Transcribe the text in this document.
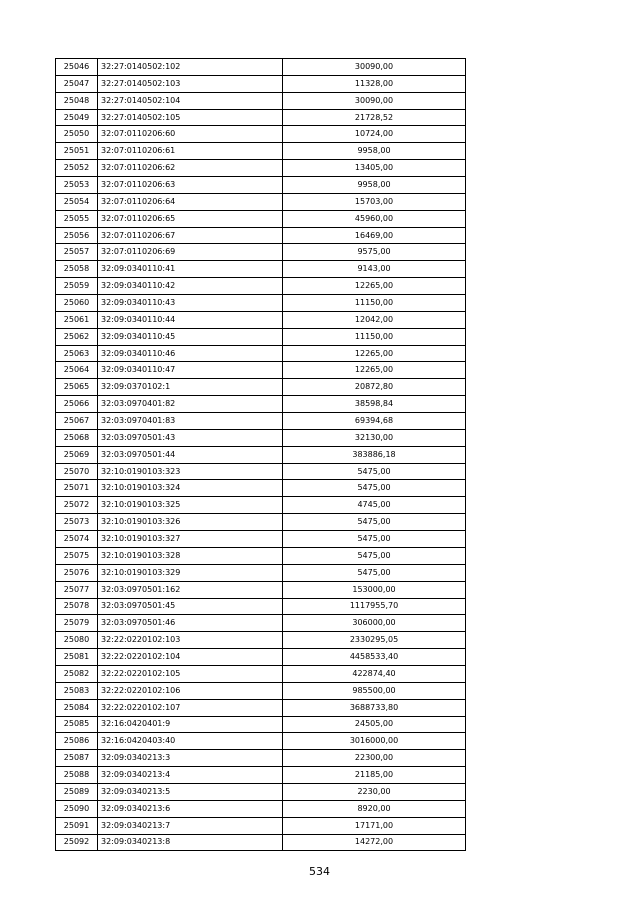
25046	32:27:0140502:102	30090,00
25047	32:27:0140502:103	11328,00
25048	32:27:0140502:104	30090,00
25049	32:27:0140502:105	21728,52
25050	32:07:0110206:60	10724,00
25051	32:07:0110206:61	9958,00
25052	32:07:0110206:62	13405,00
25053	32:07:0110206:63	9958,00
25054	32:07:0110206:64	15703,00
25055	32:07:0110206:65	45960,00
25056	32:07:0110206:67	16469,00
25057	32:07:0110206:69	9575,00
25058	32:09:0340110:41	9143,00
25059	32:09:0340110:42	12265,00
25060	32:09:0340110:43	11150,00
25061	32:09:0340110:44	12042,00
25062	32:09:0340110:45	11150,00
25063	32:09:0340110:46	12265,00
25064	32:09:0340110:47	12265,00
25065	32:09:0370102:1	20872,80
25066	32:03:0970401:82	38598,84
25067	32:03:0970401:83	69394,68
25068	32:03:0970501:43	32130,00
25069	32:03:0970501:44	383886,18
25070	32:10:0190103:323	5475,00
25071	32:10:0190103:324	5475,00
25072	32:10:0190103:325	4745,00
25073	32:10:0190103:326	5475,00
25074	32:10:0190103:327	5475,00
25075	32:10:0190103:328	5475,00
25076	32:10:0190103:329	5475,00
25077	32:03:0970501:162	153000,00
25078	32:03:0970501:45	1117955,70
25079	32:03:0970501:46	306000,00
25080	32:22:0220102:103	2330295,05
25081	32:22:0220102:104	4458533,40
25082	32:22:0220102:105	422874,40
25083	32:22:0220102:106	985500,00
25084	32:22:0220102:107	3688733,80
25085	32:16:0420401:9	24505,00
25086	32:16:0420403:40	3016000,00
25087	32:09:0340213:3	22300,00
25088	32:09:0340213:4	21185,00
25089	32:09:0340213:5	2230,00
25090	32:09:0340213:6	8920,00
25091	32:09:0340213:7	17171,00
25092	32:09:0340213:8	14272,00
534
